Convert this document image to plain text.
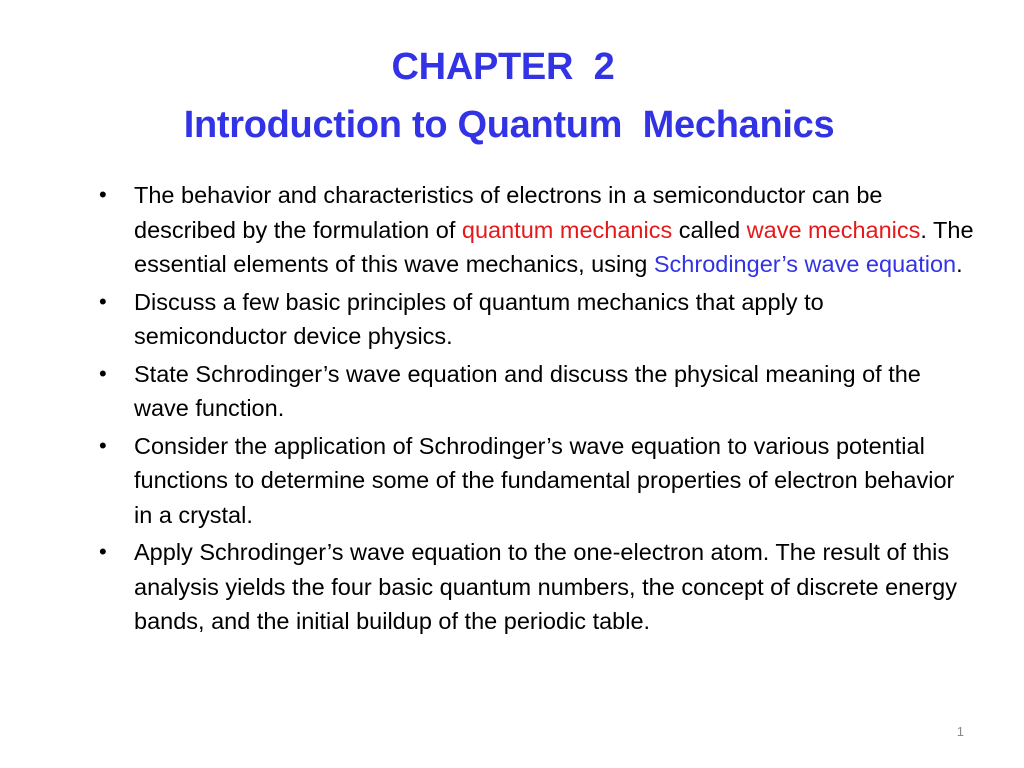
CHAPTER  2
Introduction to Quantum  Mechanics
• The behavior and characteristics of electrons in a semiconductor can be described by the formulation of quantum mechanics called wave mechanics. The essential elements of this wave mechanics, using Schrodinger’s wave equation.
• Discuss a few basic principles of quantum mechanics that apply to semiconductor device physics.
• State Schrodinger’s wave equation and discuss the physical meaning of the wave function.
• Consider the application of Schrodinger’s wave equation to various potential functions to determine some of the fundamental properties of electron behavior in a crystal.
• Apply Schrodinger’s wave equation to the one-electron atom. The result of this analysis yields the four basic quantum numbers, the concept of discrete energy bands, and the initial buildup of the periodic table.
1
